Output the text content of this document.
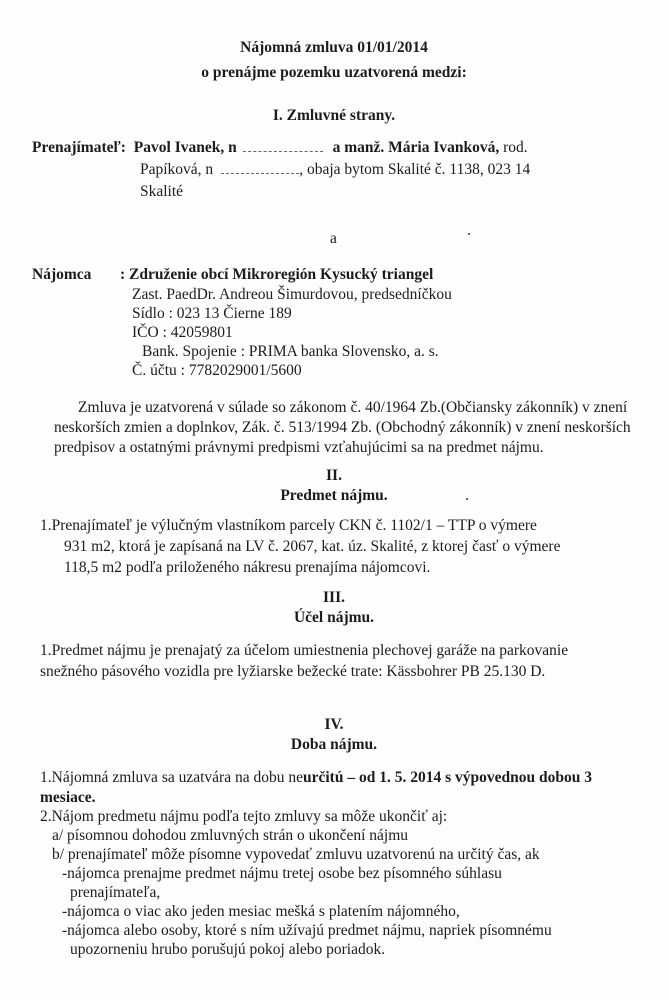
Nájomná zmluva 01/01/2014
o prenájme pozemku uzatvorená medzi:
I. Zmluvné strany.
Prenajímateľ: Pavol Ivanek, n	a manž. Mária Ivanková, rod.
Papíková, n	, obaja bytom Skalité č. 1138, 023 14
Skalité
a
Nájomca : Združenie obcí Mikroregión Kysucký triangel
Zast. PaedDr. Andreou Šimurdovou, predsedníčkou
Sídlo : 023 13 Čierne 189
IČO : 42059801
Bank. Spojenie : PRIMA banka Slovensko, a. s.
Č. účtu : 7782029001/5600
Zmluva je uzatvorená v súlade so zákonom č. 40/1964 Zb.(Občiansky zákonník) v znení
neskorších zmien a doplnkov, Zák. č. 513/1994 Zb. (Obchodný zákonník) v znení neskorších
predpisov a ostatnými právnymi predpismi vzťahujúcimi sa na predmet nájmu.
II.
Predmet nájmu.
1.Prenajímateľ je výlučným vlastníkom parcely CKN č. 1102/1 – TTP o výmere
931 m2, ktorá je zapísaná na LV č. 2067, kat. úz. Skalité, z ktorej časť o výmere
118,5 m2 podľa priloženého nákresu prenajíma nájomcovi.
III.
Účel nájmu.
1.Predmet nájmu je prenajatý za účelom umiestnenia plechovej garáže na parkovanie
snežného pásového vozidla pre lyžiarske bežecké trate: Kässbohrer PB 25.130 D.
IV.
Doba nájmu.
1.Nájomná zmluva sa uzatvára na dobu neurčitú – od 1. 5. 2014 s výpovednou dobou 3
mesiace.
2.Nájom predmetu nájmu podľa tejto zmluvy sa môže ukončiť aj:
a/ písomnou dohodou zmluvných strán o ukončení nájmu
b/ prenajímateľ môže písomne vypovedať zmluvu uzatvorenú na určitý čas, ak
-nájomca prenajme predmet nájmu tretej osobe bez písomného súhlasu
prenajímateľa,
-nájomca o viac ako jeden mesiac mešká s platením nájomného,
-nájomca alebo osoby, ktoré s ním užívajú predmet nájmu, napriek písomnému
upozorneniu hrubo porušujú pokoj alebo poriadok.
